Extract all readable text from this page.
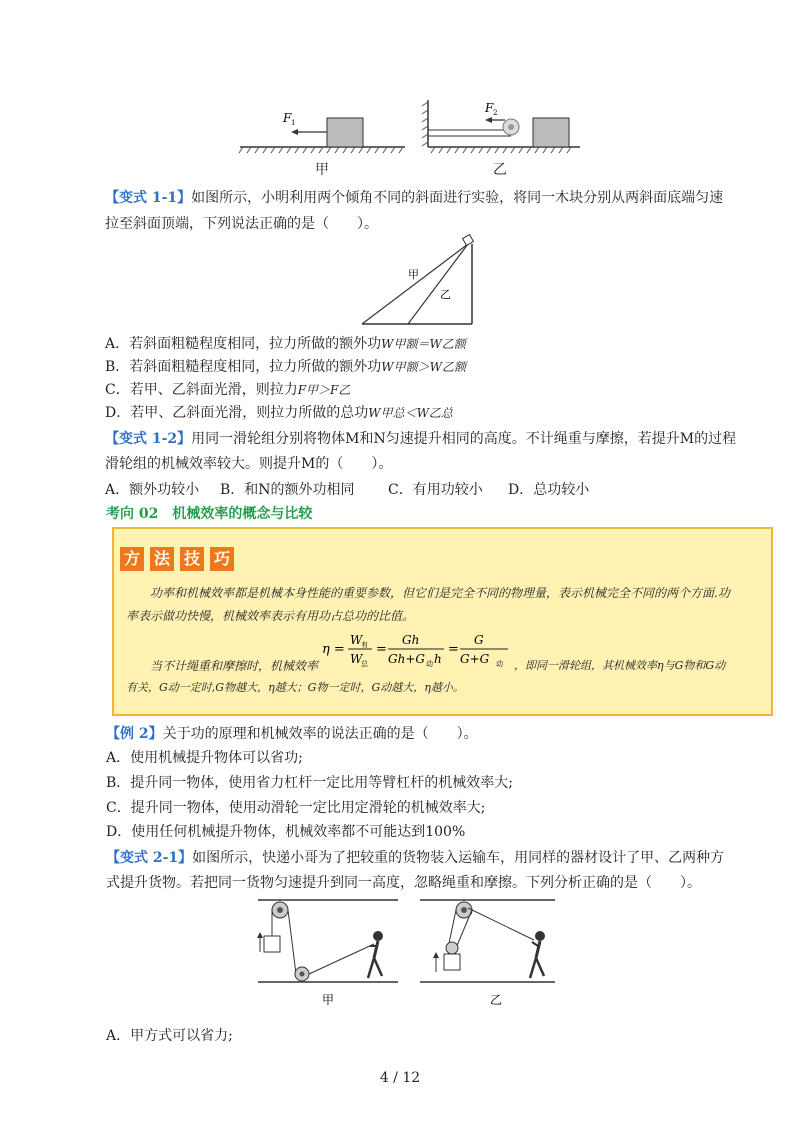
F 1
F 2
甲	乙
【变式 1-1】如图所示，小明利用两个倾角不同的斜面进行实验，将同一木块分别从两斜面底端匀速
拉至斜面顶端，下列说法正确的是（　　）。
甲
乙
A．若斜面粗糙程度相同，拉力所做的额外功W甲额＝W乙额
B．若斜面粗糙程度相同，拉力所做的额外功W甲额＞W乙额
C．若甲、乙斜面光滑，则拉力F甲＞F乙
D．若甲、乙斜面光滑，则拉力所做的总功W甲总＜W乙总
【变式 1-2】用同一滑轮组分别将物体M和N匀速提升相同的高度。不计绳重与摩擦，若提升M的过程
滑轮组的机械效率较大。则提升M的（　　）。
A．额外功较小 B．和N的额外功相同 C．有用功较小 D．总功较小
考向 02　机械效率的概念与比较
方 法 技 巧
功率和机械效率都是机械本身性能的重要参数，但它们是完全不同的物理量，表示机械完全不同的两个方面.功
率表示做功快慢，机械效率表示有用功占总功的比值。
当不计绳重和摩擦时，机械效率
η =
W
有
W
总
=
Gh
Gh+G 动 h
=
G
G+G 动 ，即同一滑轮组，其机械效率η与G物和G动
有关，G动一定时,G物越大，η越大；G物一定时，G动越大，η越小。
【例 2】关于功的原理和机械效率的说法正确的是（　　）。
A．使用机械提升物体可以省功;
B．提升同一物体，使用省力杠杆一定比用等臂杠杆的机械效率大;
C．提升同一物体，使用动滑轮一定比用定滑轮的机械效率大;
D．使用任何机械提升物体，机械效率都不可能达到100%
【变式 2-1】如图所示，快递小哥为了把较重的货物装入运输车，用同样的器材设计了甲、乙两种方
式提升货物。若把同一货物匀速提升到同一高度，忽略绳重和摩擦。下列分析正确的是（　　）。
甲	乙
A．甲方式可以省力;
4 / 12
